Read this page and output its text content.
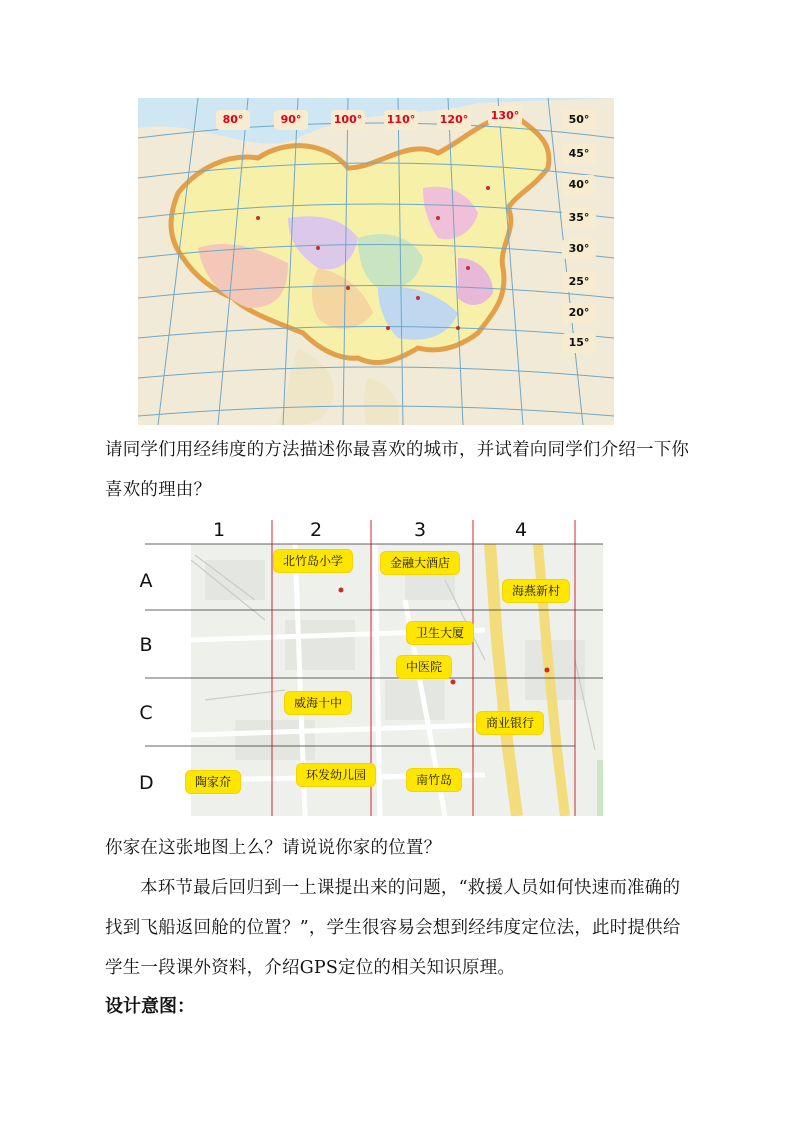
80°	90°	100° 110° 120° 130°	50°
45°
40°
35°
30°
25°
20°
15°
请同学们用经纬度的方法描述你最喜欢的城市，并试着向同学们介绍一下你喜欢的理由？
1	2	3	4
A
B
C
D
北竹岛小学	金融大酒店
海燕新村
卫生大厦
中医院
威海十中
商业银行
陶家夼	环发幼儿园	南竹岛
你家在这张地图上么？请说说你家的位置？
本环节最后回归到一上课提出来的问题，“救援人员如何快速而准确的找到飞船返回舱的位置？”，学生很容易会想到经纬度定位法，此时提供给学生一段课外资料，介绍GPS定位的相关知识原理。
设计意图：
